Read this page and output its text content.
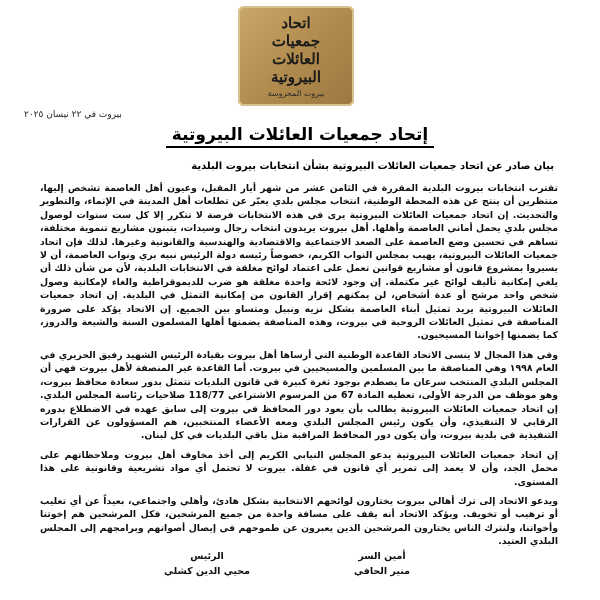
اتحاد
جمعيات
العائلات
البيروتية
بيروت المحروسة
بيروت في ٢٢ نيسان ٢٠٢٥
إتحاد جمعيات العائلات البيروتية
بيان صادر عن اتحاد جمعيات العائلات البيروتية بشأن انتخابات بيروت البلدية

تقترب انتخابات بيروت البلدية المقررة في الثامن عشر من شهر أيار المقبل، وعيون أهل العاصمة تشخص إليها، منتظرين أن ينتج عن هذه المحطة الوطنية، انتخاب مجلس بلدي يعبّر عن تطلعات أهل المدينة في الإنماء، والتطوير والتحديث. إن اتحاد جمعيات العائلات البيروتية يرى في هذه الانتخابات فرصة لا تتكرر إلا كل ست سنوات لوصول مجلس بلدي يحمل أماني العاصمة وأهلها. أهل بيروت يريدون انتخاب رجال وسيدات، يتبنون مشاريع تنموية مختلفة، تساهم في تحسين وضع العاصمة على الصعد الاجتماعية والاقتصادية والهندسية والقانونية وغيرها. لذلك فإن اتحاد جمعيات العائلات البيروتية، يهيب بمجلس النواب الكريم، خصوصاً رئيسه دولة الرئيس نبيه بري ونواب العاصمة، أن لا يسيروا بمشروع قانون أو مشاريع قوانين تعمل على اعتماد لوائح مغلقة في الانتخابات البلدية، لأن من شأن ذلك أن يلغي إمكانية تأليف لوائح غير مكتملة. إن وجود لائحة واحدة مغلقة هو ضرب للديموقراطية والغاء لإمكانية وصول شخص واحد مرشح أو عدة أشخاص، لن يمكنهم إقرار القانون من إمكانية التمثل في البلدية. إن اتحاد جمعيات العائلات البيروتية يريد تمثيل أبناء العاصمة بشكل نزيه ونبيل ومتساو بين الجميع. إن الاتحاد يؤكد على ضرورة المناصفة في تمثيل العائلات الروحية في بيروت، وهذه المناصفة يضمنها أهلها المسلمون السنة والشيعة والدروز، كما يضمنها إخواننا المسيحيون.

وفي هذا المجال لا ينسى الاتحاد القاعدة الوطنية التي أرساها أهل بيروت بقيادة الرئيس الشهيد رفيق الحريري في العام ١٩٩٨ وهي المناصفة ما بين المسلمين والمسيحيين في بيروت. أما القاعدة غير المنصفة لأهل بيروت فهي أن المجلس البلدي المنتخب سرعان ما يصطدم بوجود ثغرة كبيرة في قانون البلديات تتمثل بدور سعادة محافظ بيروت، وهو موظف من الدرجة الأولى، تعطيه المادة 67 من المرسوم الاشتراعي 118/77 صلاحيات رئاسة المجلس البلدي. إن اتحاد جمعيات العائلات البيروتية يطالب بأن يعود دور المحافظ في بيروت إلى سابق عهده في الاضطلاع بدوره الرقابي لا التنفيذي، وأن يكون رئيس المجلس البلدي ومعه الأعضاء المنتخبين، هم المسؤولون عن القرارات التنفيذية في بلدية بيروت، وأن يكون دور المحافظ المراقبة مثل باقي البلديات في كل لبنان.

إن اتحاد جمعيات العائلات البيروتية يدعو المجلس النيابي الكريم إلى أخذ مخاوف أهل بيروت وملاحظاتهم على محمل الجد، وأن لا يعمد إلى تمرير أي قانون في غفلة. بيروت لا تحتمل أي مواد تشريعية وقانونية على هذا المستوى.

ويدعو الاتحاد إلى ترك أهالي بيروت يختارون لوائحهم الانتخابية بشكل هادئ، وأهلي واجتماعي، بعيداً عن أي تعليب أو ترهيب أو تخويف. ويؤكد الاتحاد أنه يقف على مسافة واحدة من جميع المرشحين، فكل المرشحين هم إخوتنا وأخواتنا، ولنترك الناس يختارون المرشحين الذين يعبرون عن طموحهم في إيصال أصواتهم وبرامجهم إلى المجلس البلدي العتيد.

أمين السر
منير الحافي
الرئيس
محيي الدين كشلي
